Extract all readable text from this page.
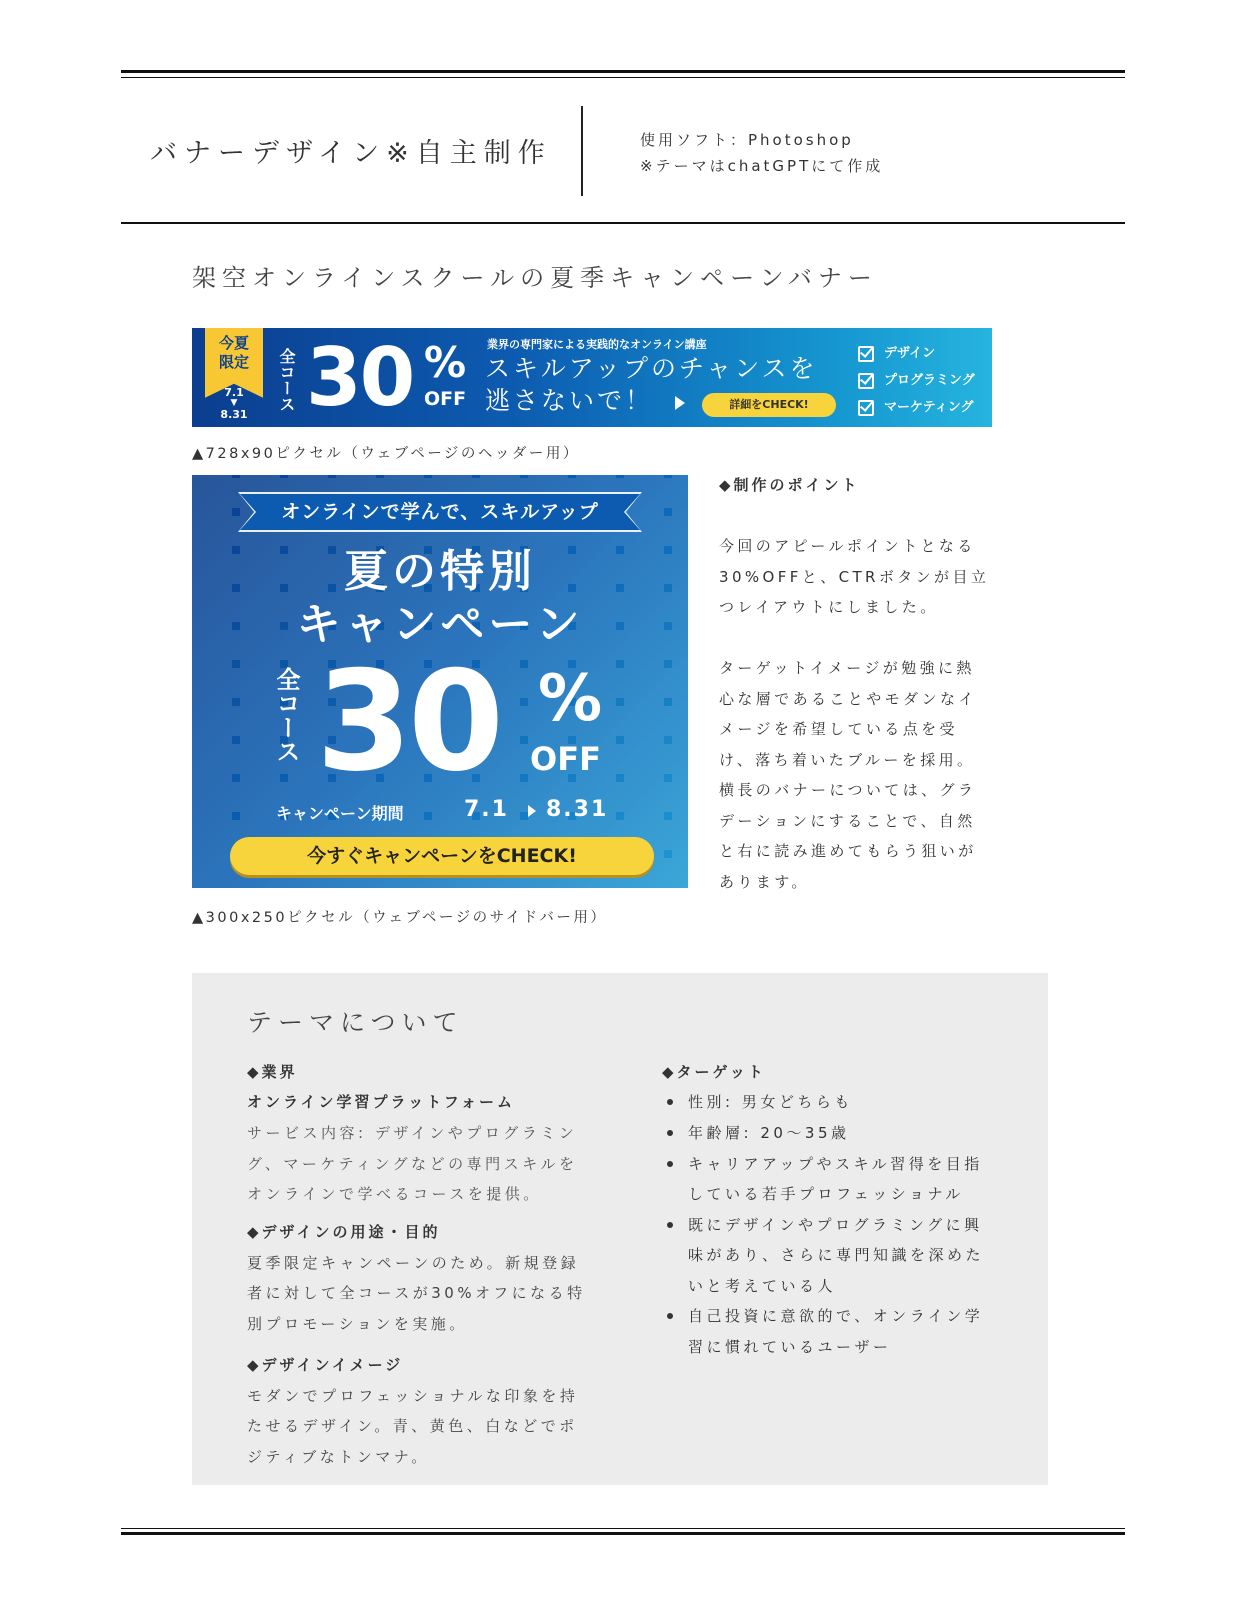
バナーデザイン※自主制作	使用ソフト：Photoshop
※テーマはchatGPTにて作成
架空オンラインスクールの夏季キャンペーンバナー
今夏
限定
7.1
▼
8.31
全コース 30 %
OFF
業界の専門家による実践的なオンライン講座
スキルアップのチャンスを
逃さないで！	詳細をCHECK!
デザイン
プログラミング
マーケティング
▲728x90ピクセル（ウェブページのヘッダー用）
オンラインで学んで、スキルアップ
夏の特別
キャンペーン
全コース 30 %
OFF
キャンペーン期間	7.1 8.31
今すぐキャンペーンをCHECK!
▲300x250ピクセル（ウェブページのサイドバー用）
◆制作のポイント
今回のアピールポイントとなる
30%OFFと、CTRボタンが目立
つレイアウトにしました。
ターゲットイメージが勉強に熱
心な層であることやモダンなイ
メージを希望している点を受
け、落ち着いたブルーを採用。
横長のバナーについては、グラ
デーションにすることで、自然
と右に読み進めてもらう狙いが
あります。
テーマについて
◆業界
オンライン学習プラットフォーム
サービス内容: デザインやプログラミン
グ、マーケティングなどの専門スキルを
オンラインで学べるコースを提供。
◆デザインの用途・目的
夏季限定キャンペーンのため。新規登録
者に対して全コースが30%オフになる特
別プロモーションを実施。
◆デザインイメージ
モダンでプロフェッショナルな印象を持
たせるデザイン。青、黄色、白などでポ
ジティブなトンマナ。
◆ターゲット
性別: 男女どちらも
年齢層: 20〜35歳
キャリアアップやスキル習得を目指
している若手プロフェッショナル
既にデザインやプログラミングに興
味があり、さらに専門知識を深めた
いと考えている人
自己投資に意欲的で、オンライン学
習に慣れているユーザー
